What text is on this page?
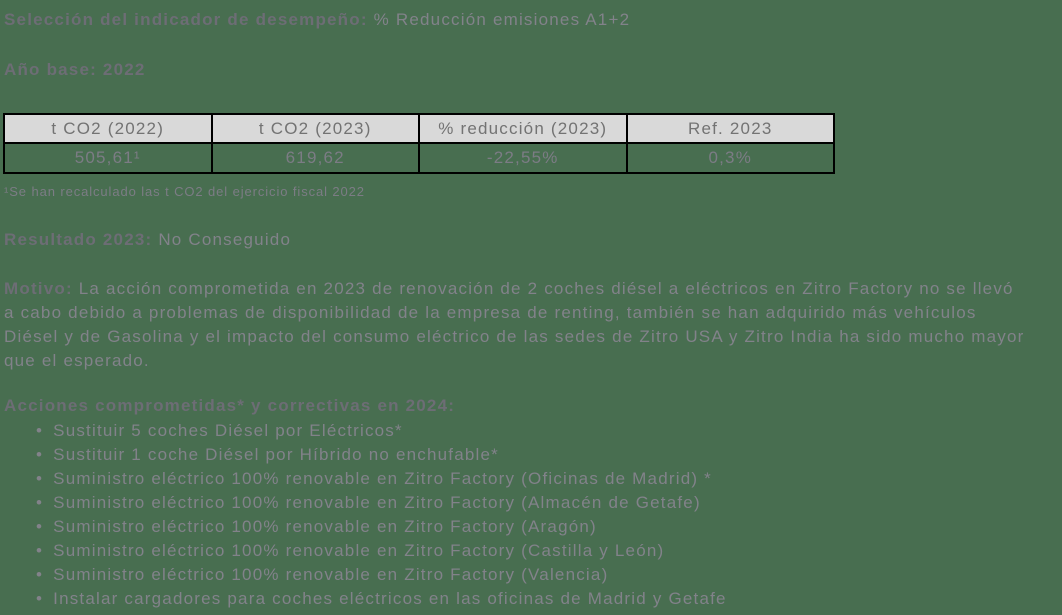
Selección del indicador de desempeño: % Reducción emisiones A1+2
Año base: 2022
t CO2 (2022)	t CO2 (2023)	% reducción (2023)	Ref. 2023
505,61¹	619,62	-22,55%	0,3%
¹Se han recalculado las t CO2 del ejercicio fiscal 2022
Resultado 2023: No Conseguido
Motivo: La acción comprometida en 2023 de renovación de 2 coches diésel a eléctricos en Zitro Factory no se llevó
a cabo debido a problemas de disponibilidad de la empresa de renting, también se han adquirido más vehículos
Diésel y de Gasolina y el impacto del consumo eléctrico de las sedes de Zitro USA y Zitro India ha sido mucho mayor
que el esperado.
Acciones comprometidas* y correctivas en 2024:
• Sustituir 5 coches Diésel por Eléctricos*
• Sustituir 1 coche Diésel por Híbrido no enchufable*
• Suministro eléctrico 100% renovable en Zitro Factory (Oficinas de Madrid) *
• Suministro eléctrico 100% renovable en Zitro Factory (Almacén de Getafe)
• Suministro eléctrico 100% renovable en Zitro Factory (Aragón)
• Suministro eléctrico 100% renovable en Zitro Factory (Castilla y León)
• Suministro eléctrico 100% renovable en Zitro Factory (Valencia)
• Instalar cargadores para coches eléctricos en las oficinas de Madrid y Getafe
